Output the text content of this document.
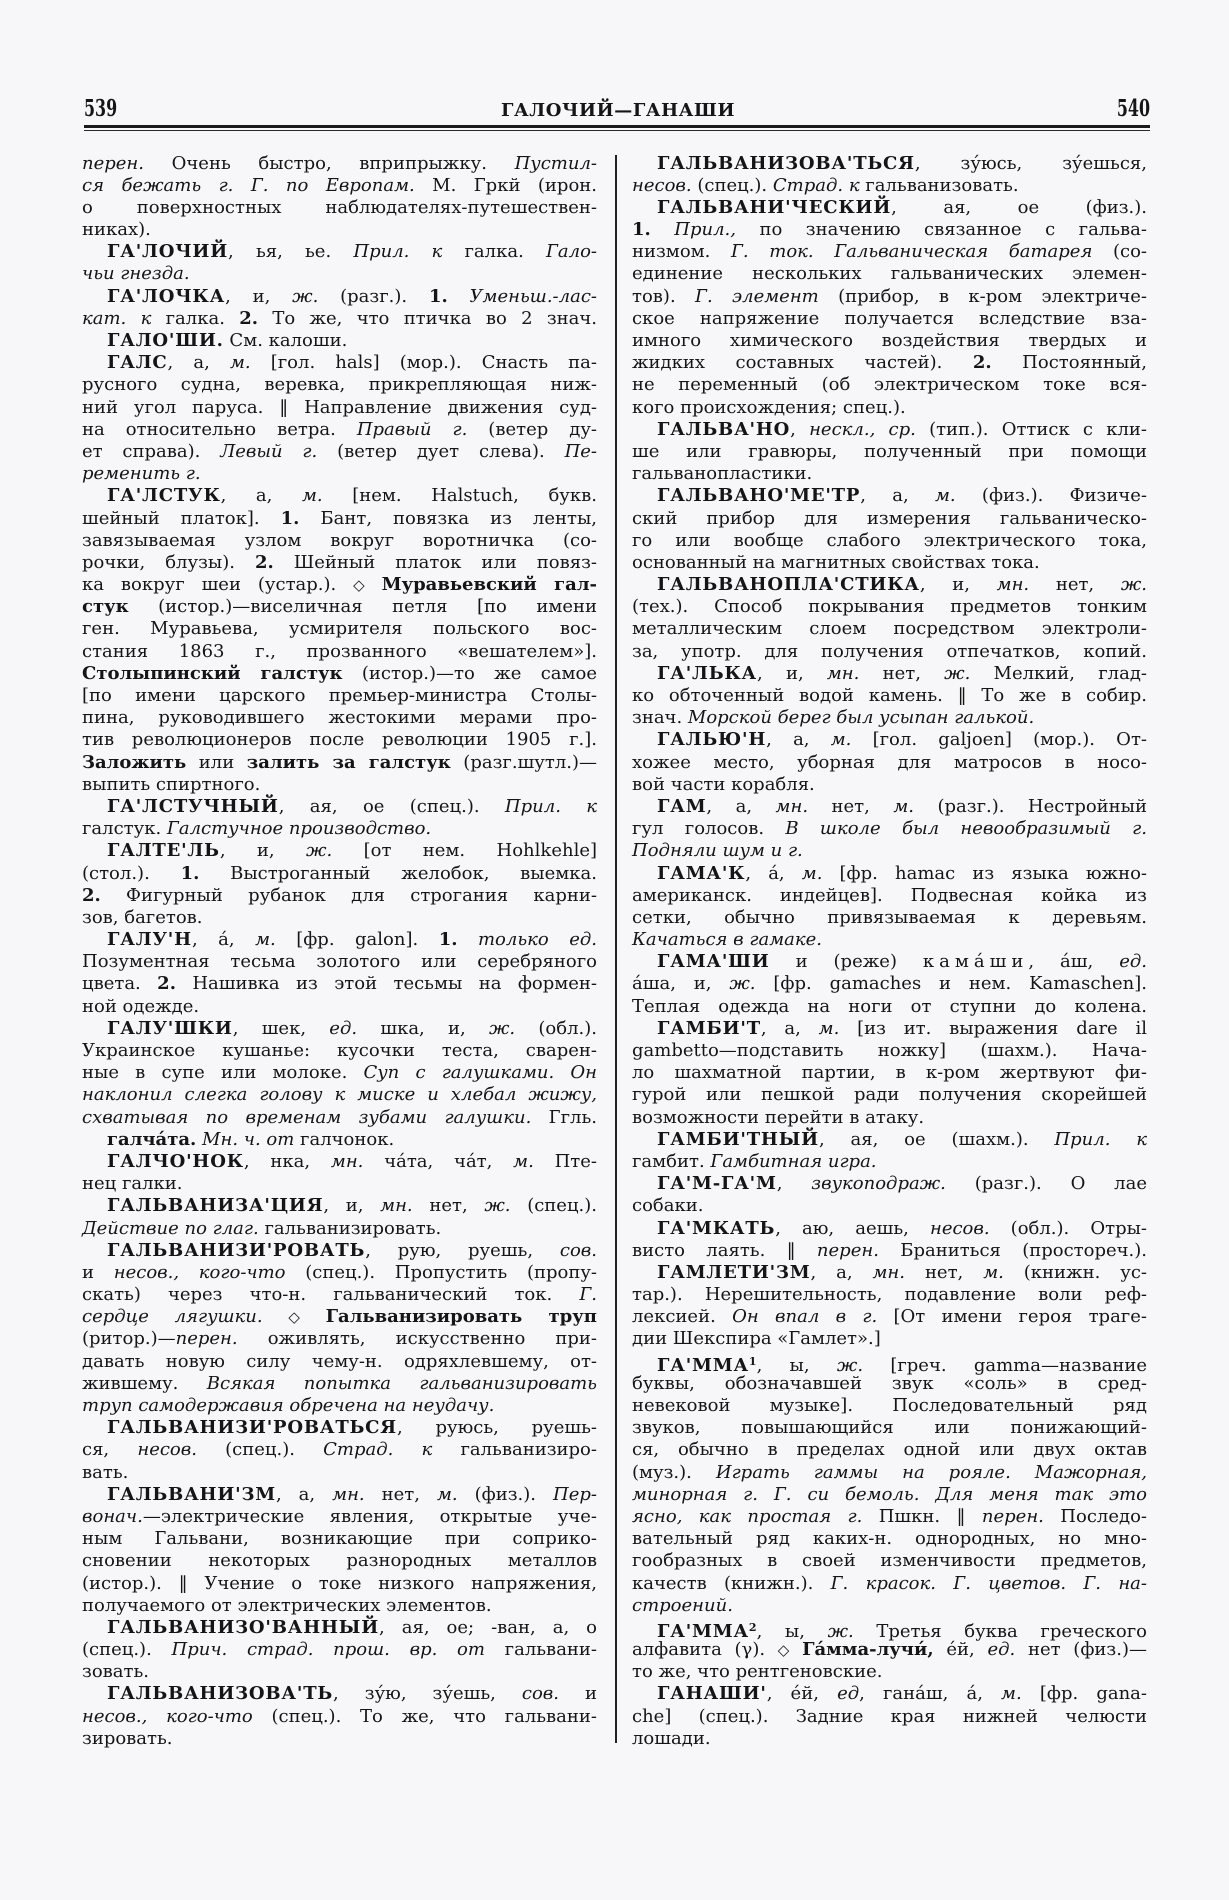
539	ГАЛОЧИЙ—ГАНАШИ	540
перен. Очень быстро, вприпрыжку. Пустил-
ся бежать г. Г. по Европам. М. Гркй (ирон.
о поверхностных наблюдателях-путешествен-
никах).
ГА'ЛОЧИЙ, ья, ье. Прил. к галка. Гало-
чьи гнезда.
ГА'ЛОЧКА, и, ж. (разг.). 1. Уменьш.-лас-
кат. к галка. 2. То же, что птичка во 2 знач.
ГАЛО'ШИ. См. калоши.
ГАЛС, а, м. [гол. hals] (мор.). Снасть па-
русного судна, веревка, прикрепляющая ниж-
ний угол паруса. ‖ Направление движения суд-
на относительно ветра. Правый г. (ветер ду-
ет справа). Левый г. (ветер дует слева). Пе-
ременить г.
ГА'ЛСТУК, а, м. [нем. Halstuch, букв.
шейный платок]. 1. Бант, повязка из ленты,
завязываемая узлом вокруг воротничка (со-
рочки, блузы). 2. Шейный платок или повяз-
ка вокруг шеи (устар.). ◇ Муравьевский гал-
стук (истор.)—виселичная петля [по имени
ген. Муравьева, усмирителя польского вос-
стания 1863 г., прозванного «вешателем»].
Столыпинский галстук (истор.)—то же самое
[по имени царского премьер-министра Столы-
пина, руководившего жестокими мерами про-
тив революционеров после революции 1905 г.].
Заложить или залить за галстук (разг.шутл.)—
выпить спиртного.
ГА'ЛСТУЧНЫЙ, ая, ое (спец.). Прил. к
галстук. Галстучное производство.
ГАЛТЕ'ЛЬ, и, ж. [от нем. Hohlkehle]
(стол.). 1. Выстроганный желобок, выемка.
2. Фигурный рубанок для строгания карни-
зов, багетов.
ГАЛУ'Н, а́, м. [фр. galon]. 1. только ед.
Позументная тесьма золотого или серебряного
цвета. 2. Нашивка из этой тесьмы на формен-
ной одежде.
ГАЛУ'ШКИ, шек, ед. шка, и, ж. (обл.).
Украинское кушанье: кусочки теста, сварен-
ные в супе или молоке. Суп с галушками. Он
наклонил слегка голову к миске и хлебал жижу,
схватывая по временам зубами галушки. Ггль.
галча́та. Мн. ч. от галчонок.
ГАЛЧО'НОК, нка, мн. ча́та, ча́т, м. Пте-
нец галки.
ГАЛЬВАНИЗА'ЦИЯ, и, мн. нет, ж. (спец.).
Действие по глаг. гальванизировать.
ГАЛЬВАНИЗИ'РОВАТЬ, рую, руешь, сов.
и несов., кого-что (спец.). Пропустить (пропу-
скать) через что-н. гальванический ток. Г.
сердце лягушки. ◇ Гальванизировать труп
(ритор.)—перен. оживлять, искусственно при-
давать новую силу чему-н. одряхлевшему, от-
жившему. Всякая попытка гальванизировать
труп самодержавия обречена на неудачу.
ГАЛЬВАНИЗИ'РОВАТЬСЯ, руюсь, руешь-
ся, несов. (спец.). Страд. к гальванизиро-
вать.
ГАЛЬВАНИ'ЗМ, а, мн. нет, м. (физ.). Пер-
вонач.—электрические явления, открытые уче-
ным Гальвани, возникающие при соприко-
сновении некоторых разнородных металлов
(истор.). ‖ Учение о токе низкого напряжения,
получаемого от электрических элементов.
ГАЛЬВАНИЗО'ВАННЫЙ, ая, ое; -ван, а, о
(спец.). Прич. страд. прош. вр. от гальвани-
зовать.
ГАЛЬВАНИЗОВА'ТЬ, зу́ю, зу́ешь, сов. и
несов., кого-что (спец.). То же, что гальвани-
зировать.
ГАЛЬВАНИЗОВА'ТЬСЯ, зу́юсь, зу́ешься,
несов. (спец.). Страд. к гальванизовать.
ГАЛЬВАНИ'ЧЕСКИЙ, ая, ое (физ.).
1. Прил., по значению связанное с гальва-
низмом. Г. ток. Гальваническая батарея (со-
единение нескольких гальванических элемен-
тов). Г. элемент (прибор, в к-ром электриче-
ское напряжение получается вследствие вза-
имного химического воздействия твердых и
жидких составных частей). 2. Постоянный,
не переменный (об электрическом токе вся-
кого происхождения; спец.).
ГАЛЬВА'НО, нескл., ср. (тип.). Оттиск с кли-
ше или гравюры, полученный при помощи
гальванопластики.
ГАЛЬВАНО'МЕ'ТР, а, м. (физ.). Физиче-
ский прибор для измерения гальваническо-
го или вообще слабого электрического тока,
основанный на магнитных свойствах тока.
ГАЛЬВАНОПЛА'СТИКА, и, мн. нет, ж.
(тех.). Способ покрывания предметов тонким
металлическим слоем посредством электроли-
за, употр. для получения отпечатков, копий.
ГА'ЛЬКА, и, мн. нет, ж. Мелкий, глад-
ко обточенный водой камень. ‖ То же в собир.
знач. Морской берег был усыпан галькой.
ГАЛЬЮ'Н, а, м. [гол. galjoen] (мор.). От-
хожее место, уборная для матросов в носо-
вой части корабля.
ГАМ, а, мн. нет, м. (разг.). Нестройный
гул голосов. В школе был невообразимый г.
Подняли шум и г.
ГАМА'К, а́, м. [фр. hamac из языка южно-
американск. индейцев]. Подвесная койка из
сетки, обычно привязываемая к деревьям.
Качаться в гамаке.
ГАМА'ШИ и (реже) кама́ши, а́ш, ед.
а́ша, и, ж. [фр. gamaches и нем. Kamaschen].
Теплая одежда на ноги от ступни до колена.
ГАМБИ'Т, а, м. [из ит. выражения dare il
gambetto—подставить ножку] (шахм.). Нача-
ло шахматной партии, в к-ром жертвуют фи-
гурой или пешкой ради получения скорейшей
возможности перейти в атаку.
ГАМБИ'ТНЫЙ, ая, ое (шахм.). Прил. к
гамбит. Гамбитная игра.
ГА'М-ГА'М, звукоподраж. (разг.). О лае
собаки.
ГА'МКАТЬ, аю, аешь, несов. (обл.). Отры-
висто лаять. ‖ перен. Браниться (простореч.).
ГАМЛЕТИ'ЗМ, а, мн. нет, м. (книжн. ус-
тар.). Нерешительность, подавление воли реф-
лексией. Он впал в г. [От имени героя траге-
дии Шекспира «Гамлет».]
ГА'ММА$^1$, ы, ж. [греч. gamma—название
буквы, обозначавшей звук «соль» в сред-
невековой музыке]. Последовательный ряд
звуков, повышающийся или понижающий-
ся, обычно в пределах одной или двух октав
(муз.). Играть гаммы на рояле. Мажорная,
минорная г. Г. си бемоль. Для меня так это
ясно, как простая г. Пшкн. ‖ перен. Последо-
вательный ряд каких-н. однородных, но мно-
гообразных в своей изменчивости предметов,
качеств (книжн.). Г. красок. Г. цветов. Г. на-
строений.
ГА'ММА$^2$, ы, ж. Третья буква греческого
алфавита (γ). ◇ Га́мма-лучи́, е́й, ед. нет (физ.)—
то же, что рентгеновские.
ГАНАШИ', е́й, ед, гана́ш, а́, м. [фр. gana-
che] (спец.). Задние края нижней челюсти
лошади.
